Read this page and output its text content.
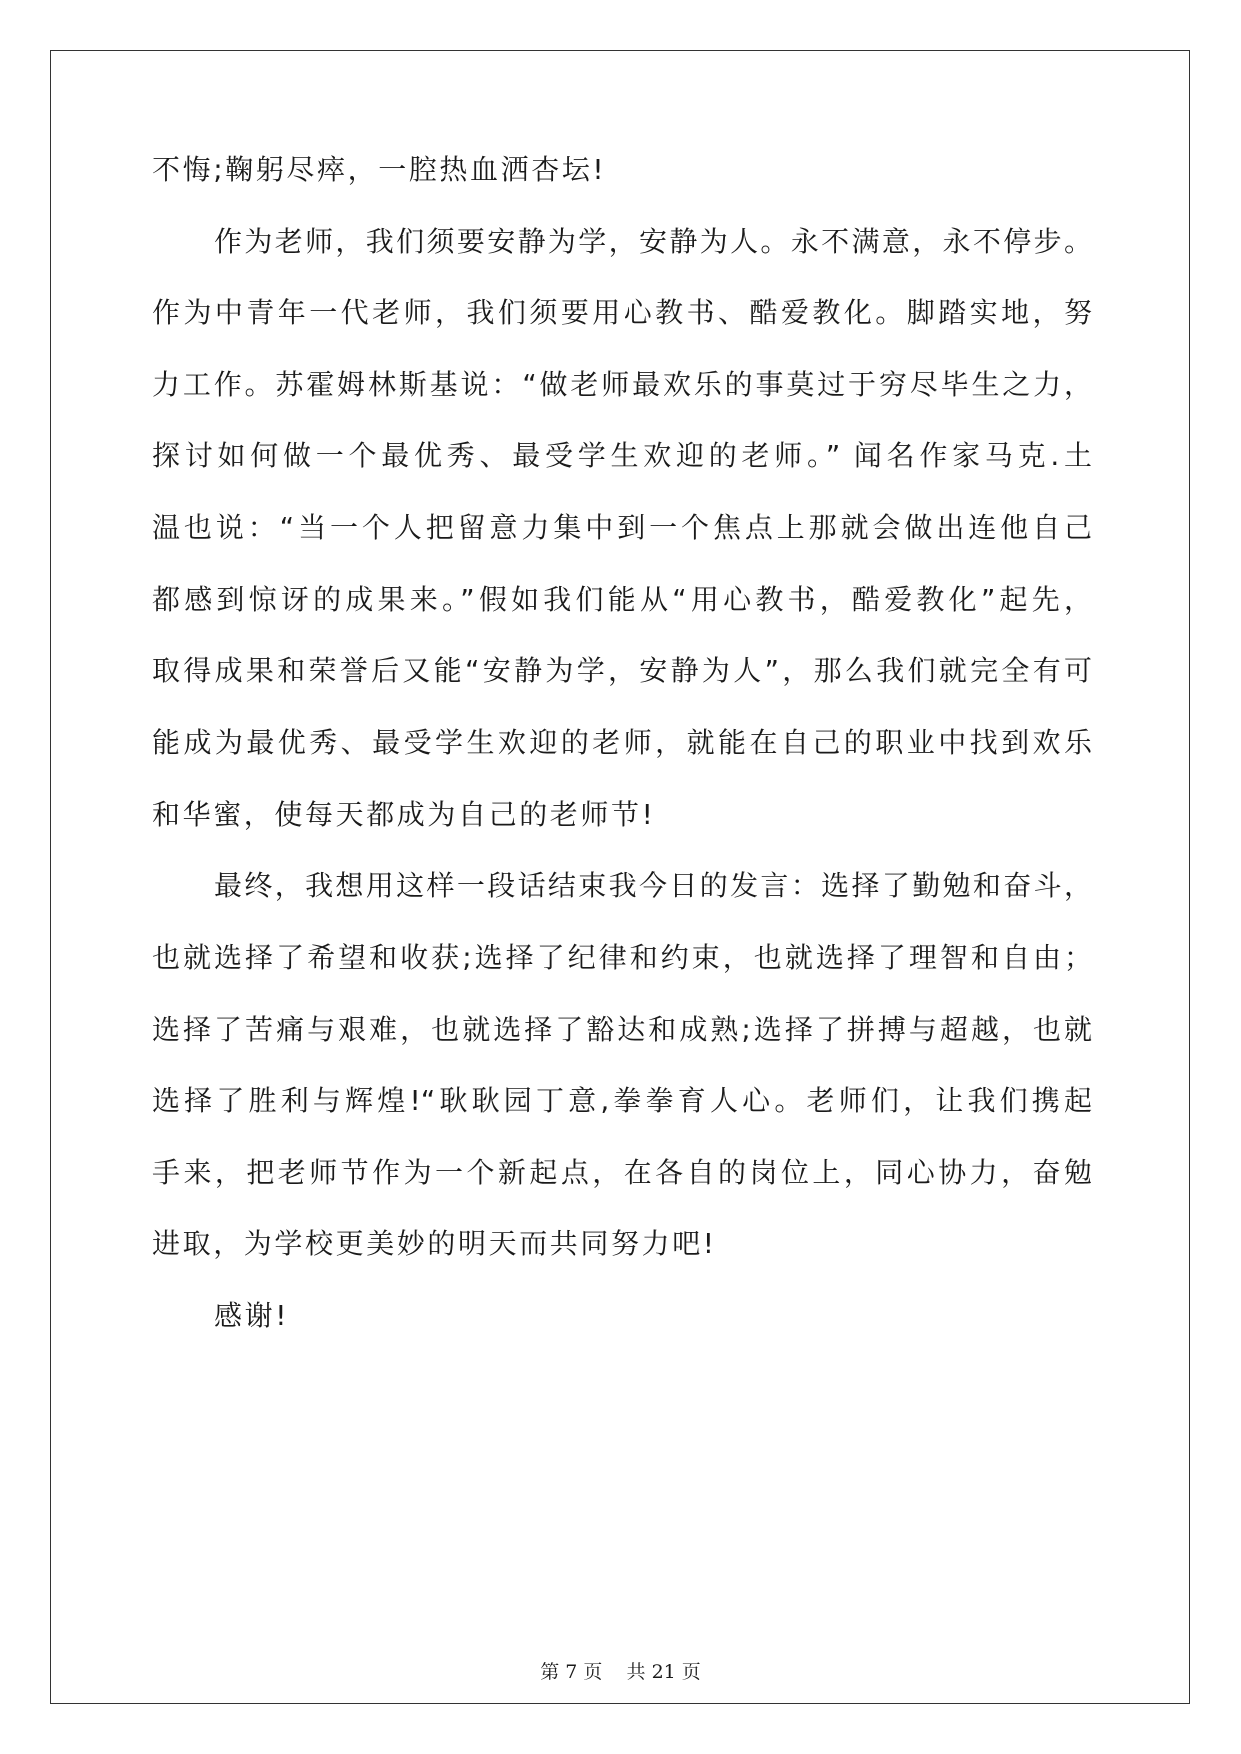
不悔;鞠躬尽瘁，一腔热血洒杏坛!
作为老师，我们须要安静为学，安静为人。永不满意，永不停步。
作为中青年一代老师，我们须要用心教书、酷爱教化。脚踏实地，努
力工作。苏霍姆林斯基说：“做老师最欢乐的事莫过于穷尽毕生之力，
探讨如何做一个最优秀、最受学生欢迎的老师。” 闻名作家马克.土
温也说：“当一个人把留意力集中到一个焦点上那就会做出连他自己
都感到惊讶的成果来。”假如我们能从“用心教书，酷爱教化”起先，
取得成果和荣誉后又能“安静为学，安静为人”，那么我们就完全有可
能成为最优秀、最受学生欢迎的老师，就能在自己的职业中找到欢乐
和华蜜，使每天都成为自己的老师节!
最终，我想用这样一段话结束我今日的发言：选择了勤勉和奋斗，
也就选择了希望和收获;选择了纪律和约束，也就选择了理智和自由；
选择了苦痛与艰难，也就选择了豁达和成熟;选择了拼搏与超越，也就
选择了胜利与辉煌!“耿耿园丁意,拳拳育人心。老师们，让我们携起
手来，把老师节作为一个新起点，在各自的岗位上，同心协力，奋勉
进取，为学校更美妙的明天而共同努力吧!
感谢!
第 7 页    共 21 页
